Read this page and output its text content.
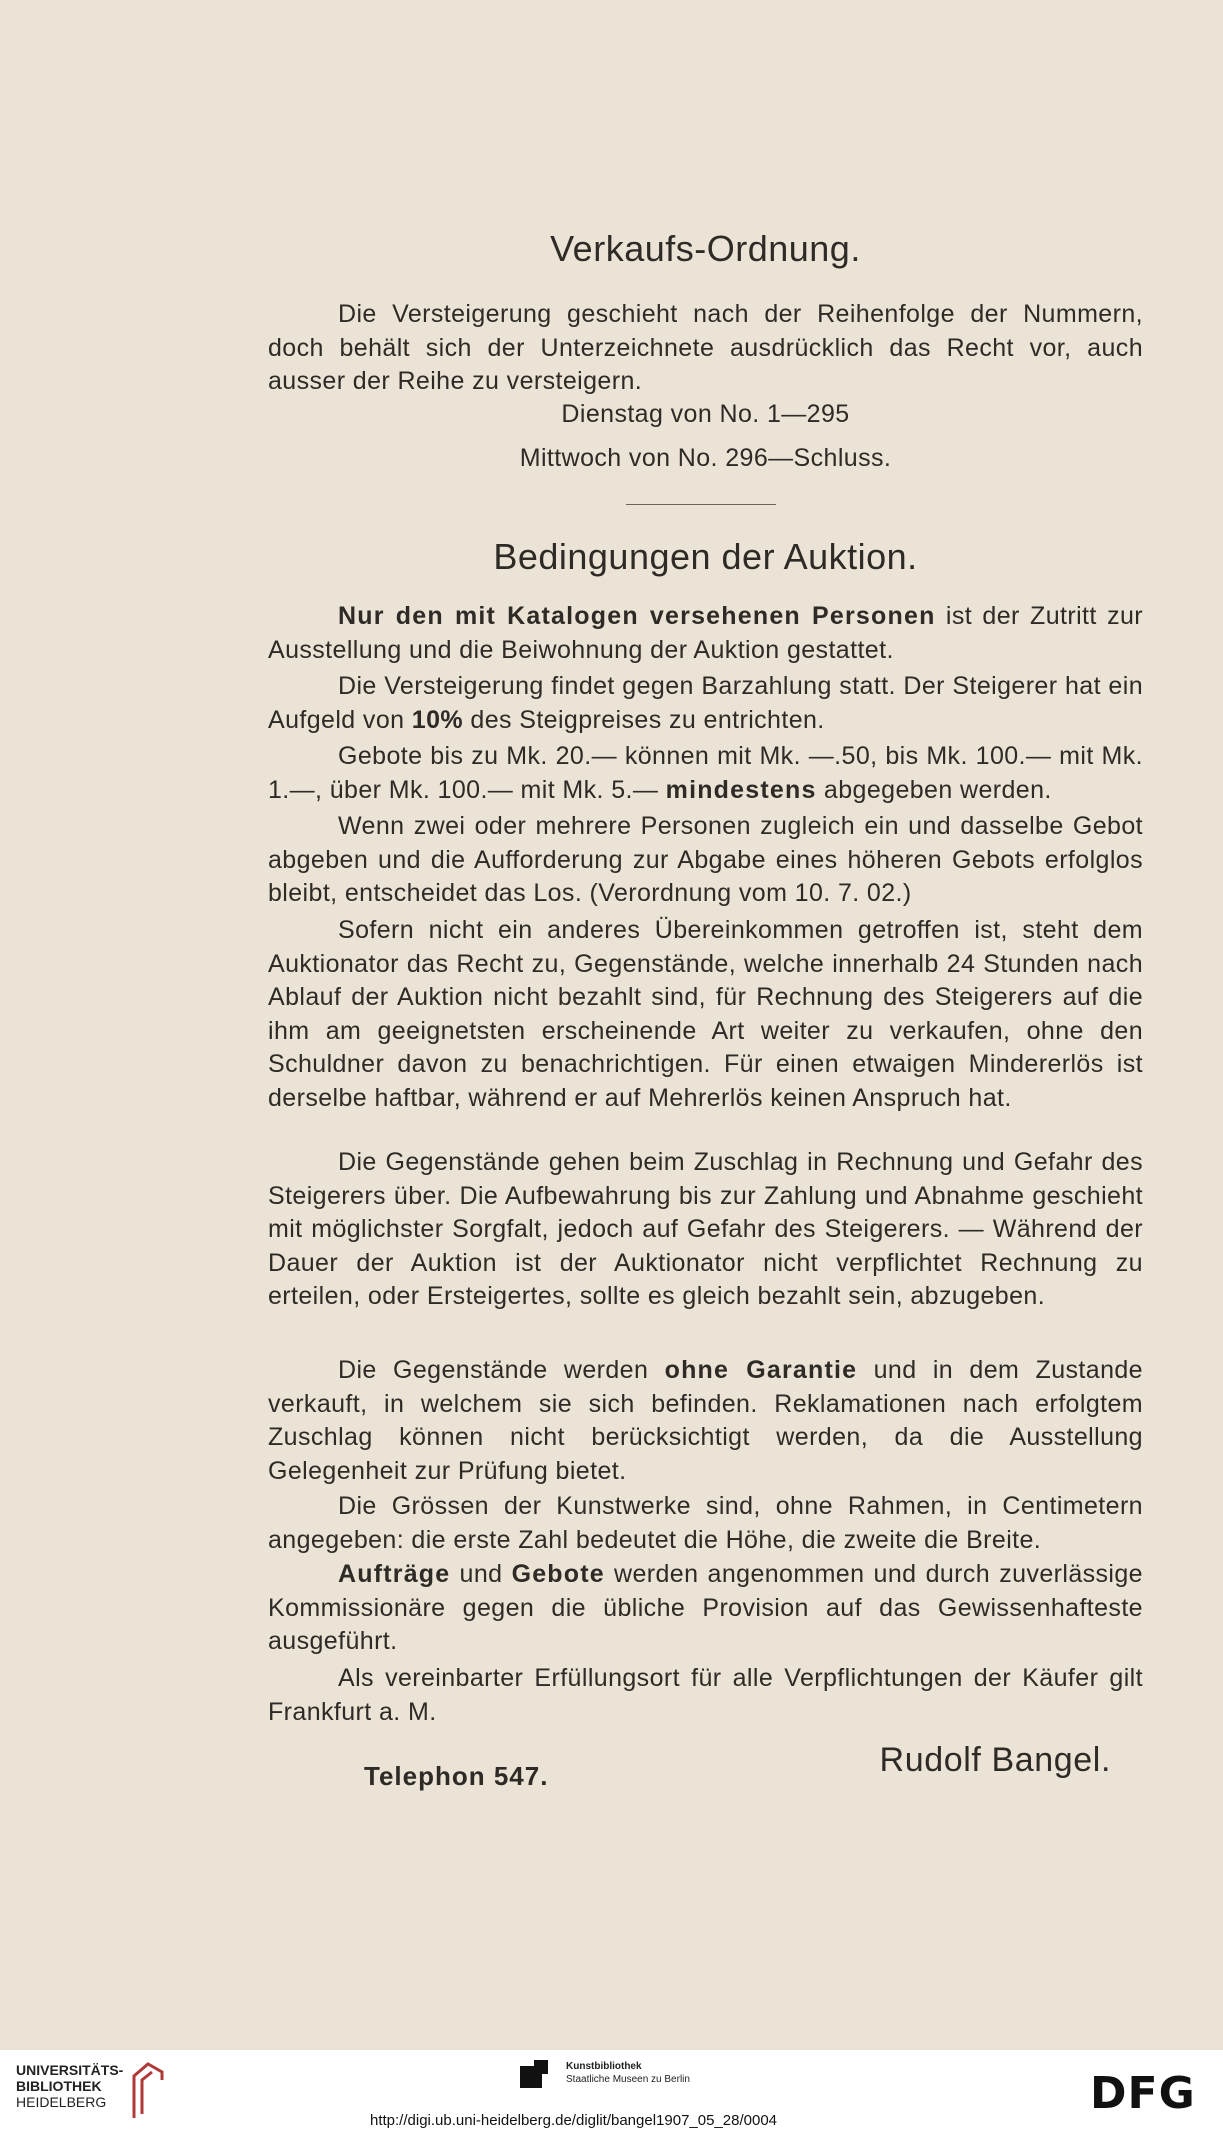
Verkaufs-Ordnung.

Die Versteigerung geschieht nach der Reihenfolge der Nummern, doch behält sich der Unterzeichnete ausdrücklich das Recht vor, auch ausser der Reihe zu versteigern.

Dienstag von No. 1—295

Mittwoch von No. 296—Schluss.

Bedingungen der Auktion.

Nur den mit Katalogen versehenen Personen ist der Zutritt zur Ausstellung und die Beiwohnung der Auktion gestattet.

Die Versteigerung findet gegen Barzahlung statt. Der Steigerer hat ein Aufgeld von 10% des Steigpreises zu entrichten.

Gebote bis zu Mk. 20.— können mit Mk. —.50, bis Mk. 100.— mit Mk. 1.—, über Mk. 100.— mit Mk. 5.— mindestens abgegeben werden.

Wenn zwei oder mehrere Personen zugleich ein und dasselbe Gebot abgeben und die Aufforderung zur Abgabe eines höheren Gebots erfolglos bleibt, entscheidet das Los. (Verordnung vom 10. 7. 02.)

Sofern nicht ein anderes Übereinkommen getroffen ist, steht dem Auktionator das Recht zu, Gegenstände, welche innerhalb 24 Stunden nach Ablauf der Auktion nicht bezahlt sind, für Rechnung des Steigerers auf die ihm am geeignetsten erscheinende Art weiter zu verkaufen, ohne den Schuldner davon zu benachrichtigen. Für einen etwaigen Mindererlös ist derselbe haftbar, während er auf Mehrerlös keinen Anspruch hat.

Die Gegenstände gehen beim Zuschlag in Rechnung und Gefahr des Steigerers über. Die Aufbewahrung bis zur Zahlung und Abnahme geschieht mit möglichster Sorgfalt, jedoch auf Gefahr des Steigerers. — Während der Dauer der Auktion ist der Auktionator nicht verpflichtet Rechnung zu erteilen, oder Ersteigertes, sollte es gleich bezahlt sein, abzugeben.

Die Gegenstände werden ohne Garantie und in dem Zustande verkauft, in welchem sie sich befinden. Reklamationen nach erfolgtem Zuschlag können nicht berücksichtigt werden, da die Ausstellung Gelegenheit zur Prüfung bietet.

Die Grössen der Kunstwerke sind, ohne Rahmen, in Centimetern angegeben: die erste Zahl bedeutet die Höhe, die zweite die Breite.

Aufträge und Gebote werden angenommen und durch zuverlässige Kommissionäre gegen die übliche Provision auf das Gewissenhafteste ausgeführt.

Als vereinbarter Erfüllungsort für alle Verpflichtungen der Käufer gilt Frankfurt a. M.

Telephon 547.	Rudolf Bangel.
UNIVERSITÄTS-
BIBLIOTHEK
HEIDELBERG
Kunstbibliothek
Staatliche Museen zu Berlin	DFG
http://digi.ub.uni-heidelberg.de/diglit/bangel1907_05_28/0004
